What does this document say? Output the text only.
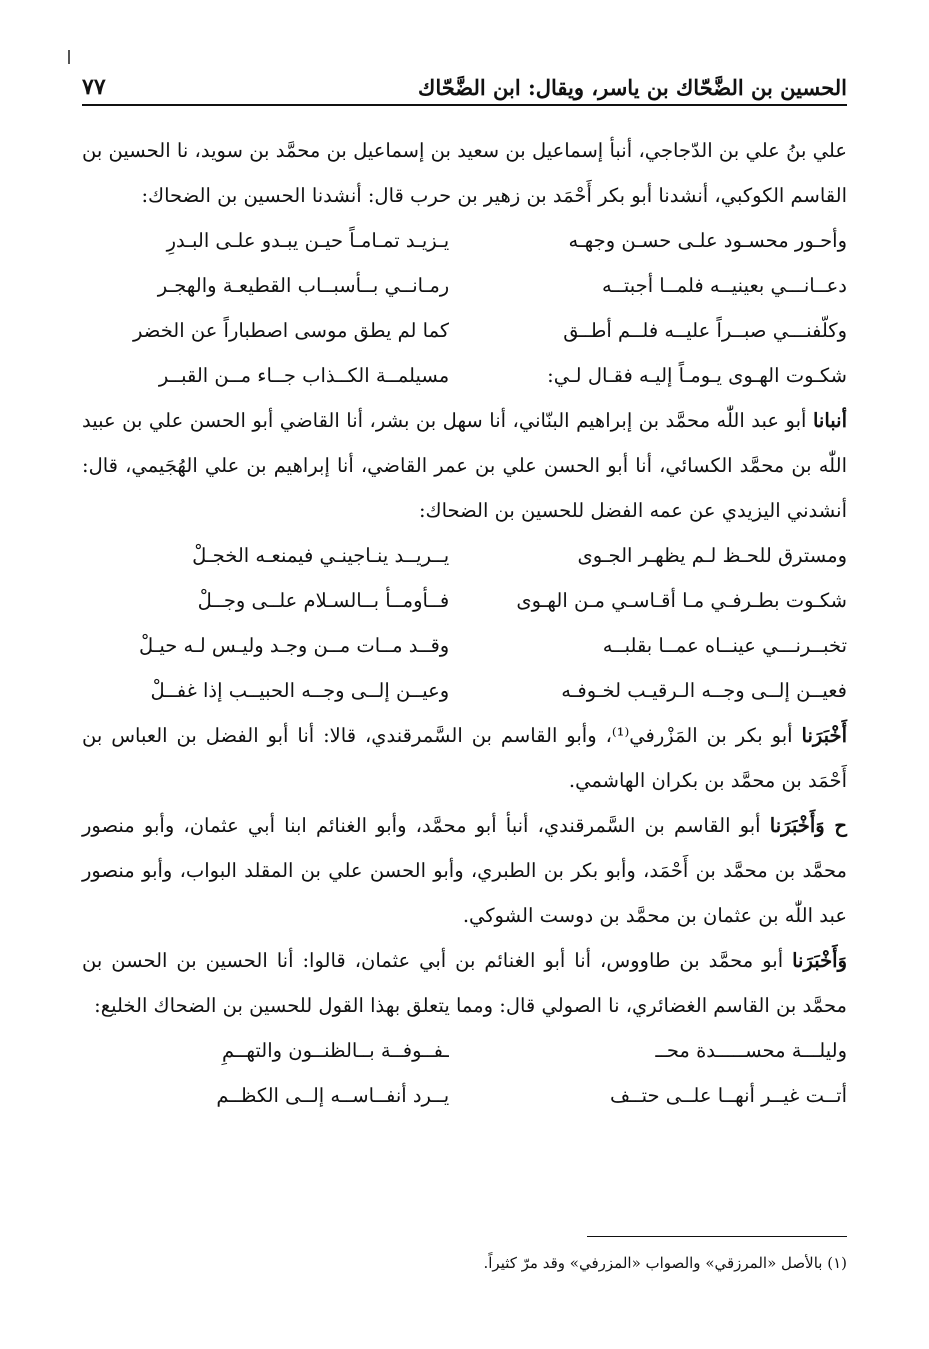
الحسين بن الضَّحّاك بن ياسر، ويقال: ابن الضَّحّاك
٧٧

علي بنُ علي بن الدّجاجي، أنبأ إسماعيل بن سعيد بن إسماعيل بن محمَّد بن سويد، نا الحسين بن القاسم الكوكبي، أنشدنا أبو بكر أَحْمَد بن زهير بن حرب قال: أنشدنا الحسين بن الضحاك:

وأحـور محسـود علـى حسـن وجهـه
يـزيـد تمـامـاً حيـن يبـدو علـى البـدرِ
دعــانـــي بعينيــه فلمــا أجبتــه
رمـانــي بــأسبــاب القطيعـة والهجـر
وكلّفنـــي صبــراً عليــه فلــم أطــق
كما لم يطق موسى اصطباراً عن الخضر
شكـوت الهـوى يـومـاً إليـه فقـال لـي:
مسيلمــة الكــذاب جــاء مــن القبــر

أنبانا أبو عبد اللّٰه محمَّد بن إبراهيم البنّاني، أنا سهل بن بشر، أنا القاضي أبو الحسن علي بن عبيد اللّٰه بن محمَّد الكسائي، أنا أبو الحسن علي بن عمر القاضي، أنا إبراهيم بن علي الهُجَيمي، قال: أنشدني اليزيدي عن عمه الفضل للحسين بن الضحاك:

ومسترق للحـظ لـم يظهـر الجـوى
يــريــد ينـاجينـي فيمنعـه الخجـلْ
شكـوت بطـرفـي مـا أقـاسـي مـن الهـوى
فــأومــأ بــالسـلام علــى وجــلْ
تخبــرنـــي عينــاه عمــا بقلبــه
وقــد مــات مــن وجـد وليـس لـه حيـلْ
فعيــن إلــى وجــه الـرقيـب لخـوفـه
وعيــن إلــى وجــه الحبيــب إذا غفــلْ

أَخْبَرَنا أبو بكر بن المَزْرفي⁽¹⁾، وأبو القاسم بن السَّمرقندي، قالا: أنا أبو الفضل بن العباس بن أَحْمَد بن محمَّد بن بكران الهاشمي.

ح وَأَخْبَرَنا أبو القاسم بن السَّمرقندي، أنبأ أبو محمَّد، وأبو الغنائم ابنا أبي عثمان، وأبو منصور محمَّد بن محمَّد بن أَحْمَد، وأبو بكر بن الطبري، وأبو الحسن علي بن المقلد البواب، وأبو منصور عبد اللّٰه بن عثمان بن محمَّد بن دوست الشوكي.

وَأَخْبَرَنا أبو محمَّد بن طاووس، أنا أبو الغنائم بن أبي عثمان، قالوا: أنا الحسين بن الحسن بن محمَّد بن القاسم الغضائري، نا الصولي قال: ومما يتعلق بهذا القول للحسين بن الضحاك الخليع:

وليلـــة محســـــدة محــ
ـفــوفــة بــالظنــون والتهــمِ
أتــت غيــر أنهــا علــى حتــف
يــرد أنفــاســه إلــى الكظــم
(١) بالأصل «المرزقي» والصواب «المزرفي» وقد مرّ كثيراً.
